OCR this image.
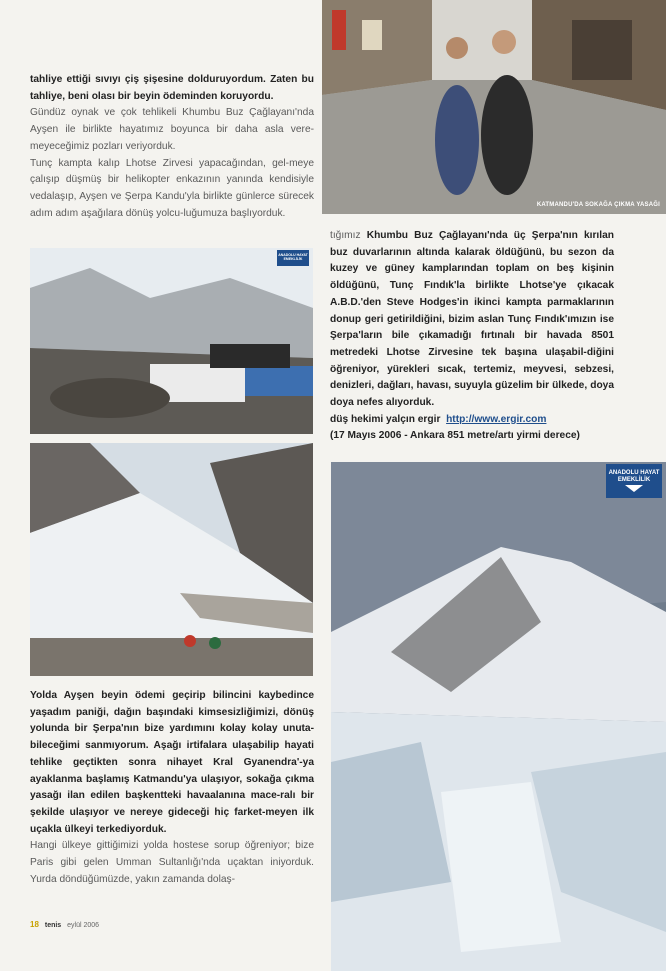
KATMANDU'DA SOKAĞA ÇIKMA YASAĞI

tahliye ettiği sıvıyı çiş şişesine dolduruyordum. Zaten bu tahliye, beni olası bir beyin ödeminden koruyordu.

Gündüz oynak ve çok tehlikeli Khumbu Buz Çağlayanı'nda Ayşen ile birlikte hayatımız boyunca bir daha asla vere-meyeceğimiz pozları veriyorduk.

Tunç kampta kalıp Lhotse Zirvesi yapacağından, gel-meye çalışıp düşmüş bir helikopter enkazının yanında kendisiyle vedalaşıp, Ayşen ve Şerpa Kandu'yla birlikte günlerce sürecek adım adım aşağılara dönüş yolcu-luğumuza başlıyorduk.

ANADOLU HAYAT
EMEKLİLİK

Yolda Ayşen beyin ödemi geçirip bilincini kaybedince yaşadım paniği, dağın başındaki kimsesizliğimizi, dönüş yolunda bir Şerpa'nın bize yardımını kolay kolay unuta-bileceğimi sanmıyorum. Aşağı irtifalara ulaşabilip hayati tehlike geçtikten sonra nihayet Kral Gyanendra'-ya ayaklanma başlamış Katmandu'ya ulaşıyor, sokağa çıkma yasağı ilan edilen başkentteki havaalanına mace-ralı bir şekilde ulaşıyor ve nereye gideceği hiç farket-meyen ilk uçakla ülkeyi terkediyorduk.

Hangi ülkeye gittiğimizi yolda hostese sorup öğreniyor; bize Paris gibi gelen Umman Sultanlığı'nda uçaktan iniyorduk. Yurda döndüğümüzde, yakın zamanda dolaş-

tığımız Khumbu Buz Çağlayanı'nda üç Şerpa'nın kırılan buz duvarlarının altında kalarak öldüğünü, bu sezon da kuzey ve güney kamplarından toplam on beş kişinin öldüğünü, Tunç Fındık'la birlikte Lhotse'ye çıkacak A.B.D.'den Steve Hodges'in ikinci kampta parmaklarının donup geri getirildiğini, bizim aslan Tunç Fındık'ımızın ise Şerpa'ların bile çıkamadığı fırtınalı bir havada 8501 metredeki Lhotse Zirvesine tek başına ulaşabil-diğini öğreniyor, yürekleri sıcak, tertemiz, meyvesi, sebzesi, denizleri, dağları, havası, suyuyla güzelim bir ülkede, doya doya nefes alıyorduk.

düş hekimi yalçın ergir http://www.ergir.com

(17 Mayıs 2006 - Ankara 851 metre/artı yirmi derece)

ANADOLU HAYAT
EMEKLİLİK
18 tenis eylül 2006
